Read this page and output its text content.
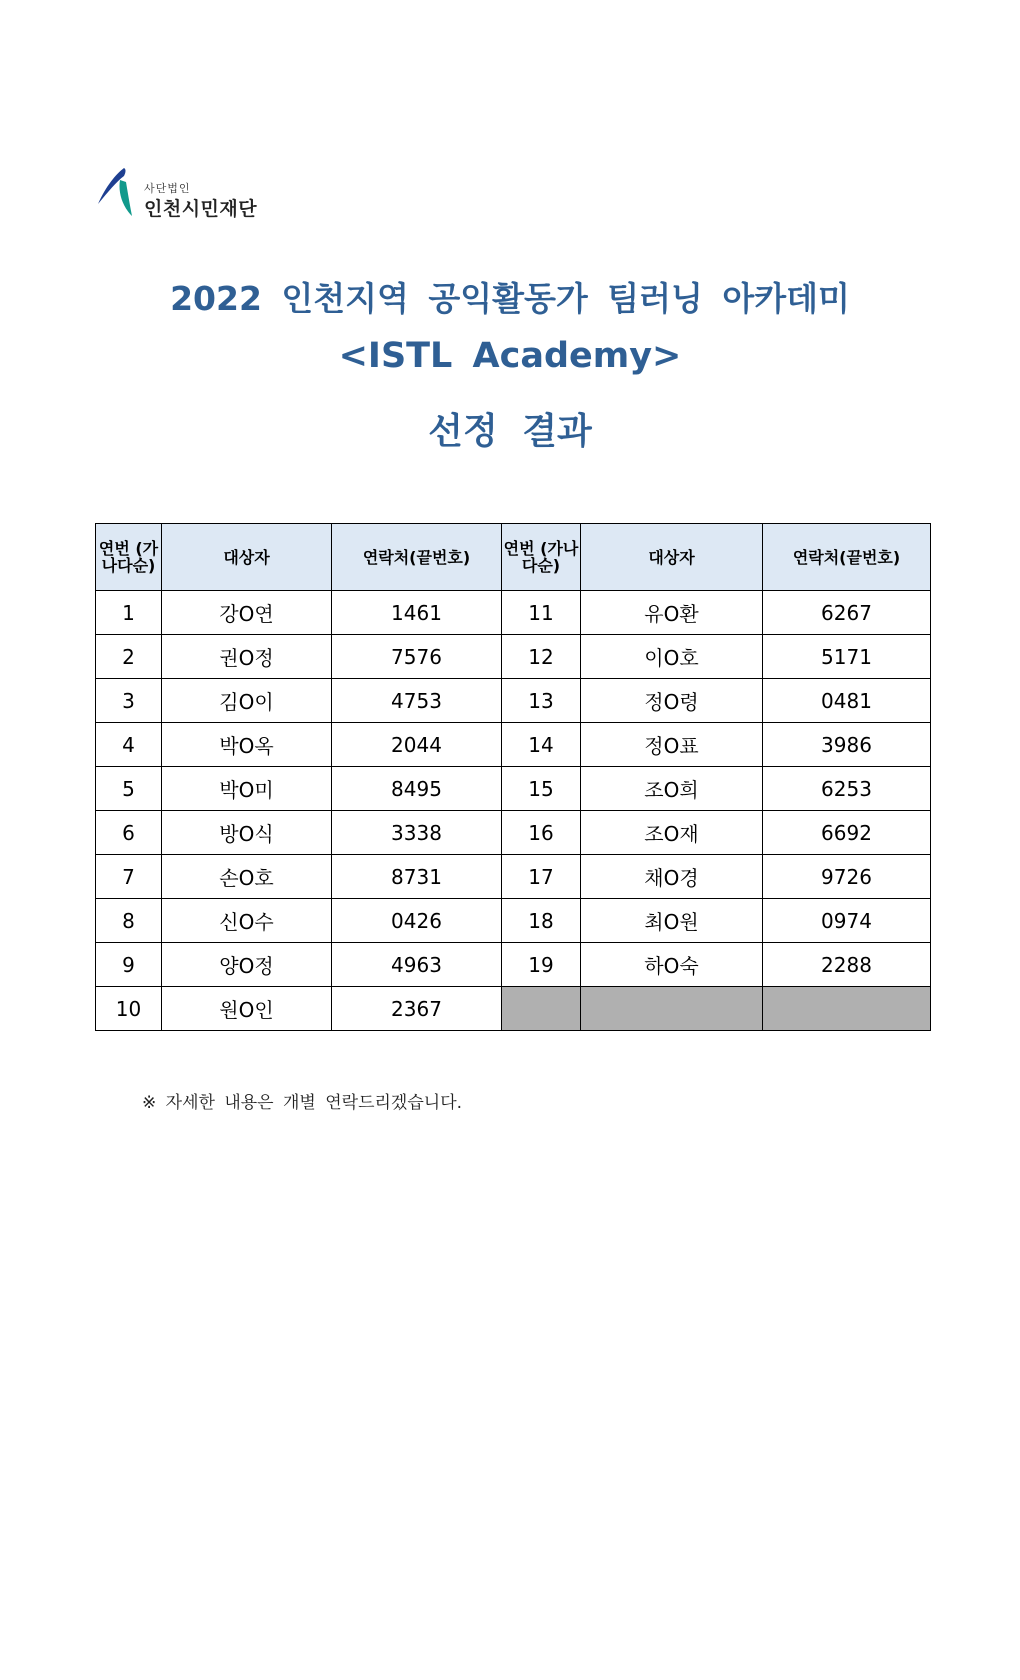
사단법인
인천시민재단
2022 인천지역 공익활동가 팀러닝 아카데미
<ISTL Academy>
선정 결과
연번 (가나다순)	대상자	연락처(끝번호)	연번 (가나다순)	대상자	연락처(끝번호)
1	강O연	1461	11	유O환	6267
2	권O정	7576	12	이O호	5171
3	김O이	4753	13	정O령	0481
4	박O옥	2044	14	정O표	3986
5	박O미	8495	15	조O희	6253
6	방O식	3338	16	조O재	6692
7	손O호	8731	17	채O경	9726
8	신O수	0426	18	최O원	0974
9	양O정	4963	19	하O숙	2288
10	원O인	2367			
※ 자세한 내용은 개별 연락드리겠습니다.
